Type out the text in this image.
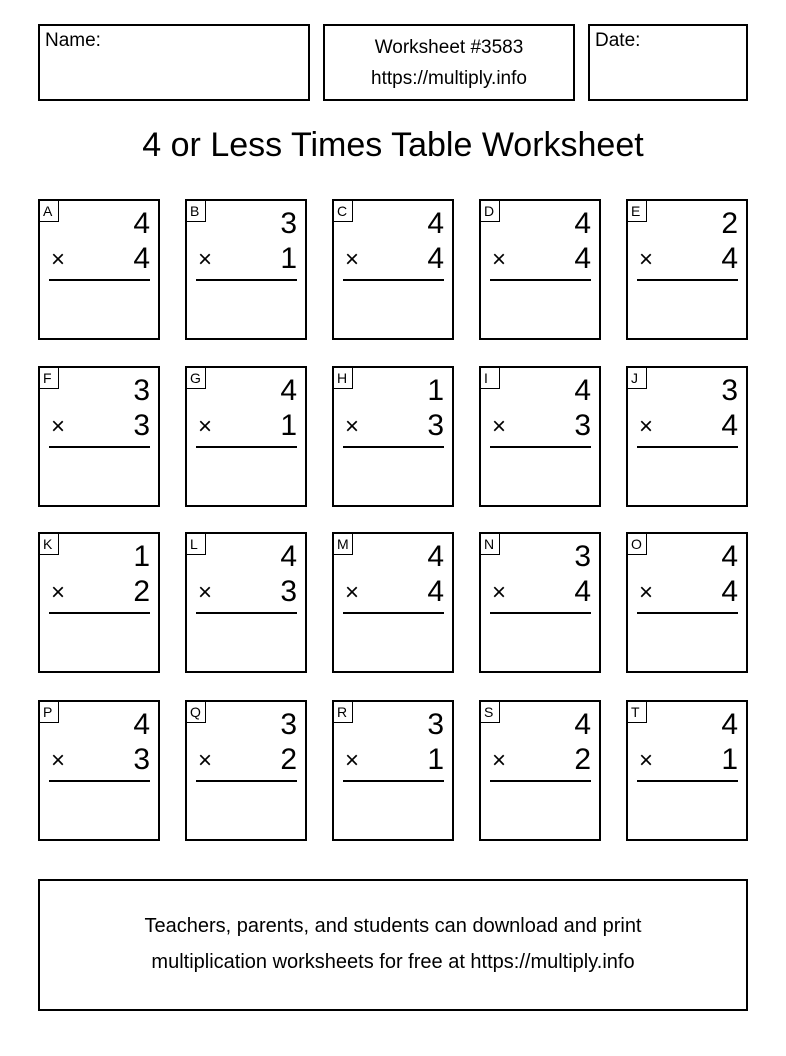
Name:	Worksheet #3583
https://multiply.info
Date:
4 or Less Times Table Worksheet
A	4
× 4
B	3
× 1
C	4
× 4
D	4
× 4
E	2
× 4
F	3
× 3
G	4
× 1
H	1
× 3
I	4
× 3
J	3
× 4
K	1
× 2
L	4
× 3
M	4
× 4
N	3
× 4
O	4
× 4
P	4
× 3
Q	3
× 2
R	3
× 1
S	4
× 2
T	4
× 1
Teachers, parents, and students can download and print
multiplication worksheets for free at https://multiply.info
